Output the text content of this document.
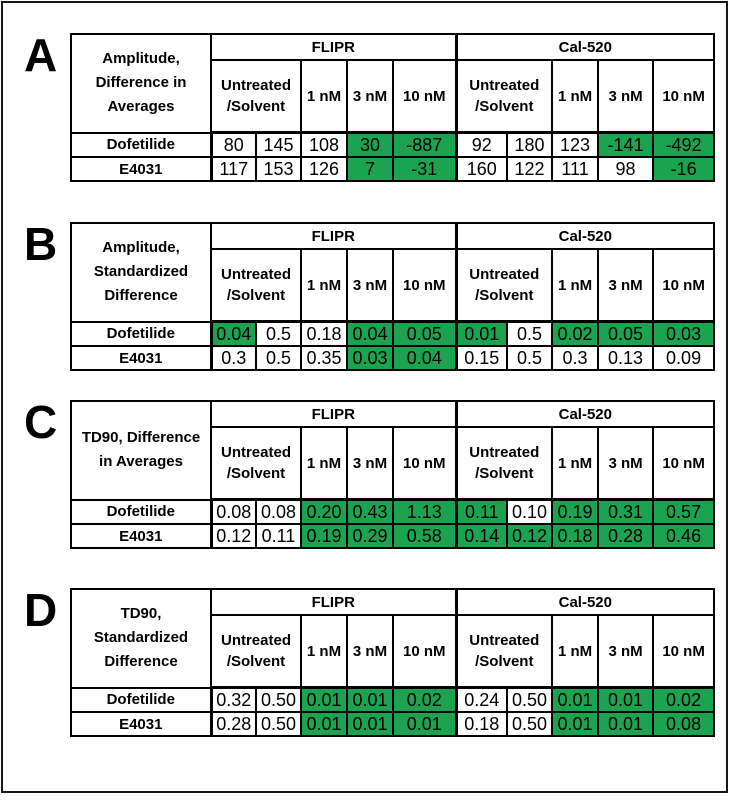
A	Amplitude,
Difference in
Averages	FLIPR					Cal-520				
	Untreated
/Solvent		1 nM	3 nM	10 nM	Untreated
/Solvent		1 nM	3 nM	10 nM
Dofetilide	80	145	108	30	-887	92	180	123	-141	-492
E4031	117	153	126	7	-31	160	122	111	98	-16
B	Amplitude,
Standardized
Difference	FLIPR					Cal-520				
	Untreated
/Solvent		1 nM	3 nM	10 nM	Untreated
/Solvent		1 nM	3 nM	10 nM
Dofetilide	0.04	0.5	0.18	0.04	0.05	0.01	0.5	0.02	0.05	0.03
E4031	0.3	0.5	0.35	0.03	0.04	0.15	0.5	0.3	0.13	0.09
C TD90, Difference
in Averages	FLIPR					Cal-520				
	Untreated
/Solvent		1 nM	3 nM	10 nM	Untreated
/Solvent		1 nM	3 nM	10 nM
Dofetilide	0.08	0.08	0.20	0.43	1.13	0.11	0.10	0.19	0.31	0.57
E4031	0.12	0.11	0.19	0.29	0.58	0.14	0.12	0.18	0.28	0.46
D	TD90,
Standardized
Difference	FLIPR					Cal-520				
	Untreated
/Solvent		1 nM	3 nM	10 nM	Untreated
/Solvent		1 nM	3 nM	10 nM
Dofetilide	0.32	0.50	0.01	0.01	0.02	0.24	0.50	0.01	0.01	0.02
E4031	0.28	0.50	0.01	0.01	0.01	0.18	0.50	0.01	0.01	0.08
